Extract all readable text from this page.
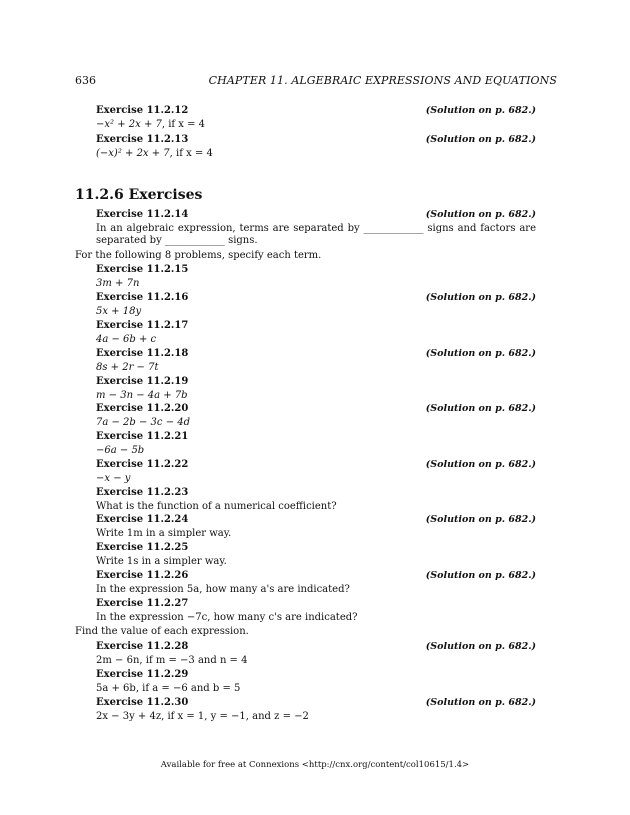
636	CHAPTER 11. ALGEBRAIC EXPRESSIONS AND EQUATIONS
Exercise 11.2.12	(Solution on p. 682.)
−x² + 2x + 7, if x = 4
Exercise 11.2.13	(Solution on p. 682.)
(−x)² + 2x + 7, if x = 4
11.2.6 Exercises
Exercise 11.2.14	(Solution on p. 682.)
In an algebraic expression, terms are separated by ____________ signs and factors are separated by ____________ signs.
For the following 8 problems, specify each term.
Exercise 11.2.15
3m + 7n
Exercise 11.2.16	(Solution on p. 682.)
5x + 18y
Exercise 11.2.17
4a − 6b + c
Exercise 11.2.18	(Solution on p. 682.)
8s + 2r − 7t
Exercise 11.2.19
m − 3n − 4a + 7b
Exercise 11.2.20	(Solution on p. 682.)
7a − 2b − 3c − 4d
Exercise 11.2.21
−6a − 5b
Exercise 11.2.22	(Solution on p. 682.)
−x − y
Exercise 11.2.23
What is the function of a numerical coefficient?
Exercise 11.2.24	(Solution on p. 682.)
Write 1m in a simpler way.
Exercise 11.2.25
Write 1s in a simpler way.
Exercise 11.2.26	(Solution on p. 682.)
In the expression 5a, how many a's are indicated?
Exercise 11.2.27
In the expression −7c, how many c's are indicated?
Find the value of each expression.
Exercise 11.2.28	(Solution on p. 682.)
2m − 6n, if m = −3 and n = 4
Exercise 11.2.29
5a + 6b, if a = −6 and b = 5
Exercise 11.2.30	(Solution on p. 682.)
2x − 3y + 4z, if x = 1, y = −1, and z = −2
Available for free at Connexions <http://cnx.org/content/col10615/1.4>
